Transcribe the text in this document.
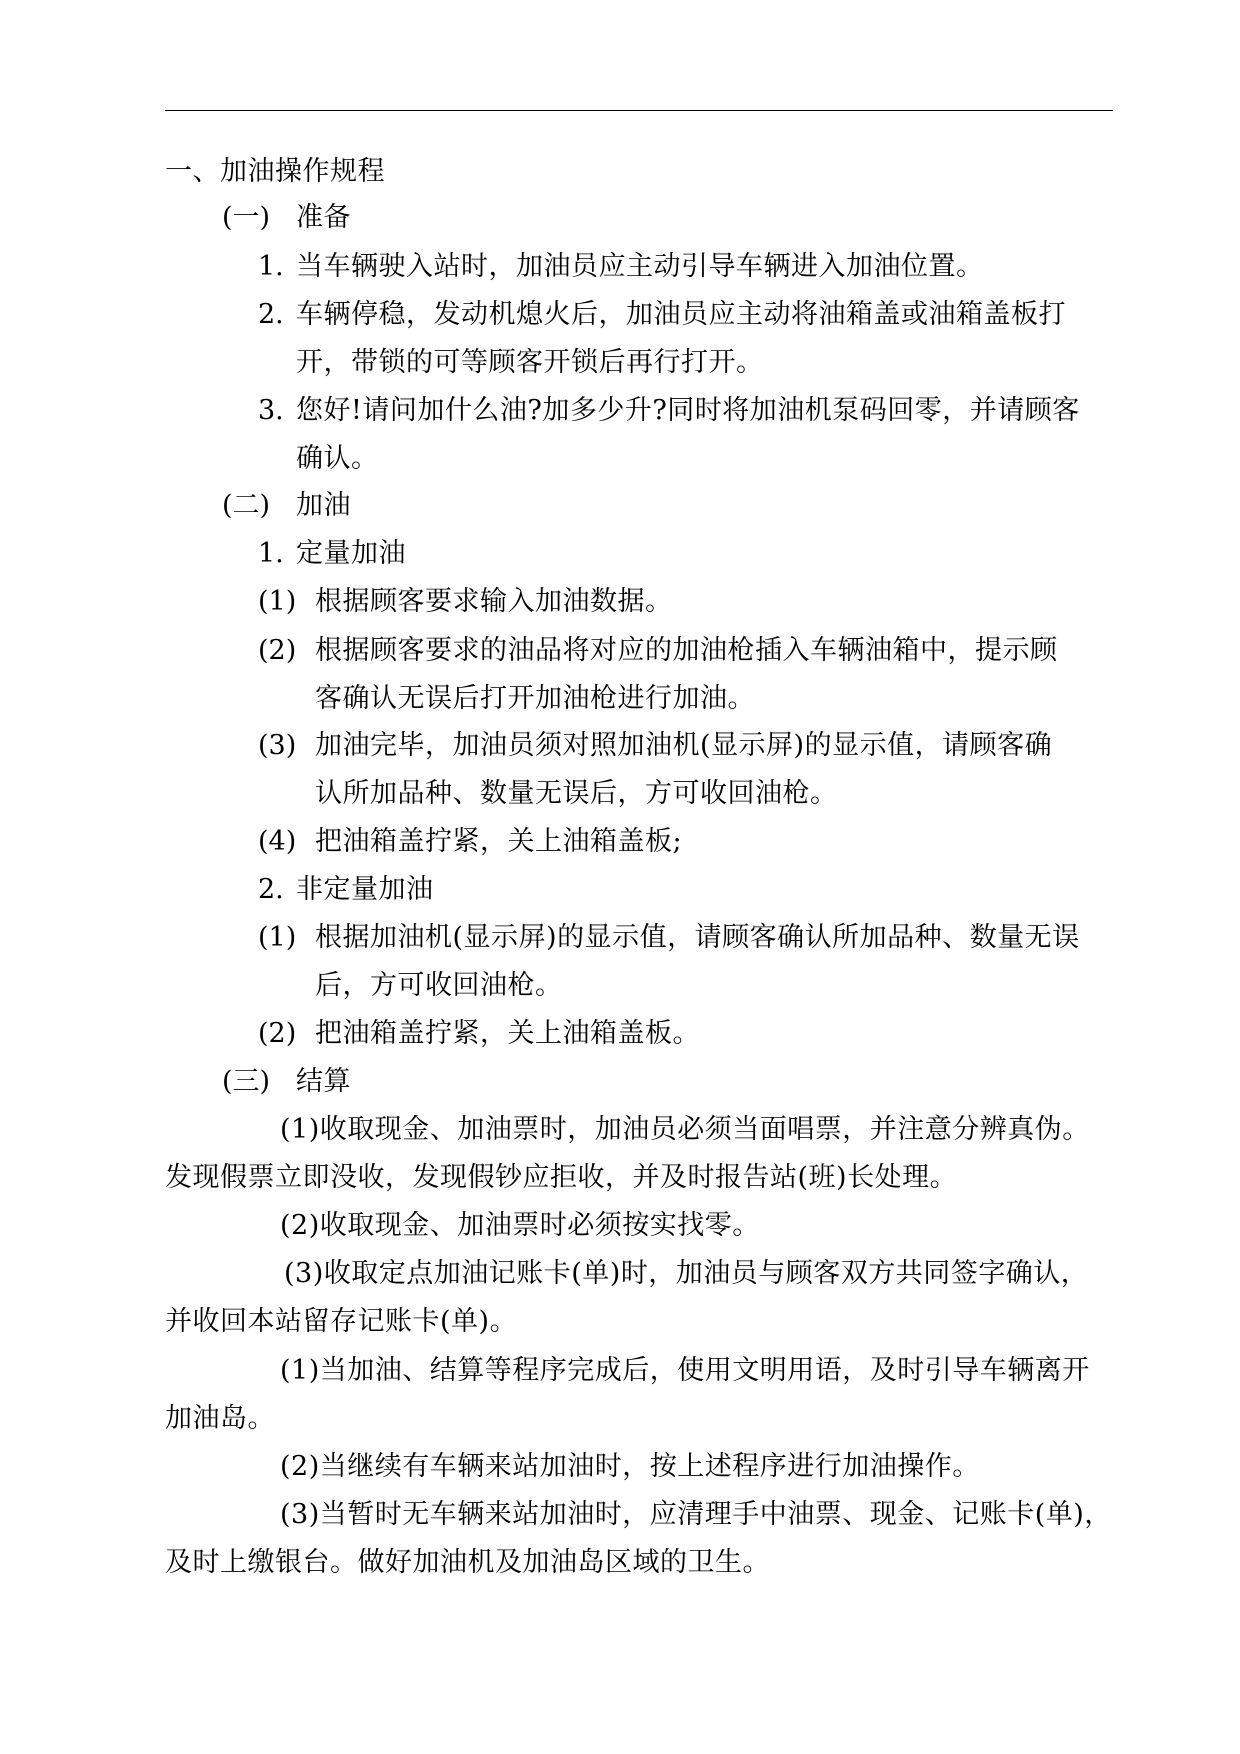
一、加油操作规程
(一) 准备
1. 当车辆驶入站时，加油员应主动引导车辆进入加油位置。
2. 车辆停稳，发动机熄火后，加油员应主动将油箱盖或油箱盖板打
开，带锁的可等顾客开锁后再行打开。
3. 您好!请问加什么油?加多少升?同时将加油机泵码回零，并请顾客
确认。
(二) 加油
1. 定量加油
(1) 根据顾客要求输入加油数据。
(2) 根据顾客要求的油品将对应的加油枪插入车辆油箱中，提示顾
客确认无误后打开加油枪进行加油。
(3) 加油完毕，加油员须对照加油机(显示屏)的显示值，请顾客确
认所加品种、数量无误后，方可收回油枪。
(4) 把油箱盖拧紧，关上油箱盖板;
2. 非定量加油
(1) 根据加油机(显示屏)的显示值，请顾客确认所加品种、数量无误
后，方可收回油枪。
(2) 把油箱盖拧紧，关上油箱盖板。
(三) 结算
(1)收取现金、加油票时，加油员必须当面唱票，并注意分辨真伪。
发现假票立即没收，发现假钞应拒收，并及时报告站(班)长处理。
(2)收取现金、加油票时必须按实找零。
(3)收取定点加油记账卡(单)时，加油员与顾客双方共同签字确认，
并收回本站留存记账卡(单)。
(1)当加油、结算等程序完成后，使用文明用语，及时引导车辆离开
加油岛。
(2)当继续有车辆来站加油时，按上述程序进行加油操作。
(3)当暂时无车辆来站加油时，应清理手中油票、现金、记账卡(单)，
及时上缴银台。做好加油机及加油岛区域的卫生。
